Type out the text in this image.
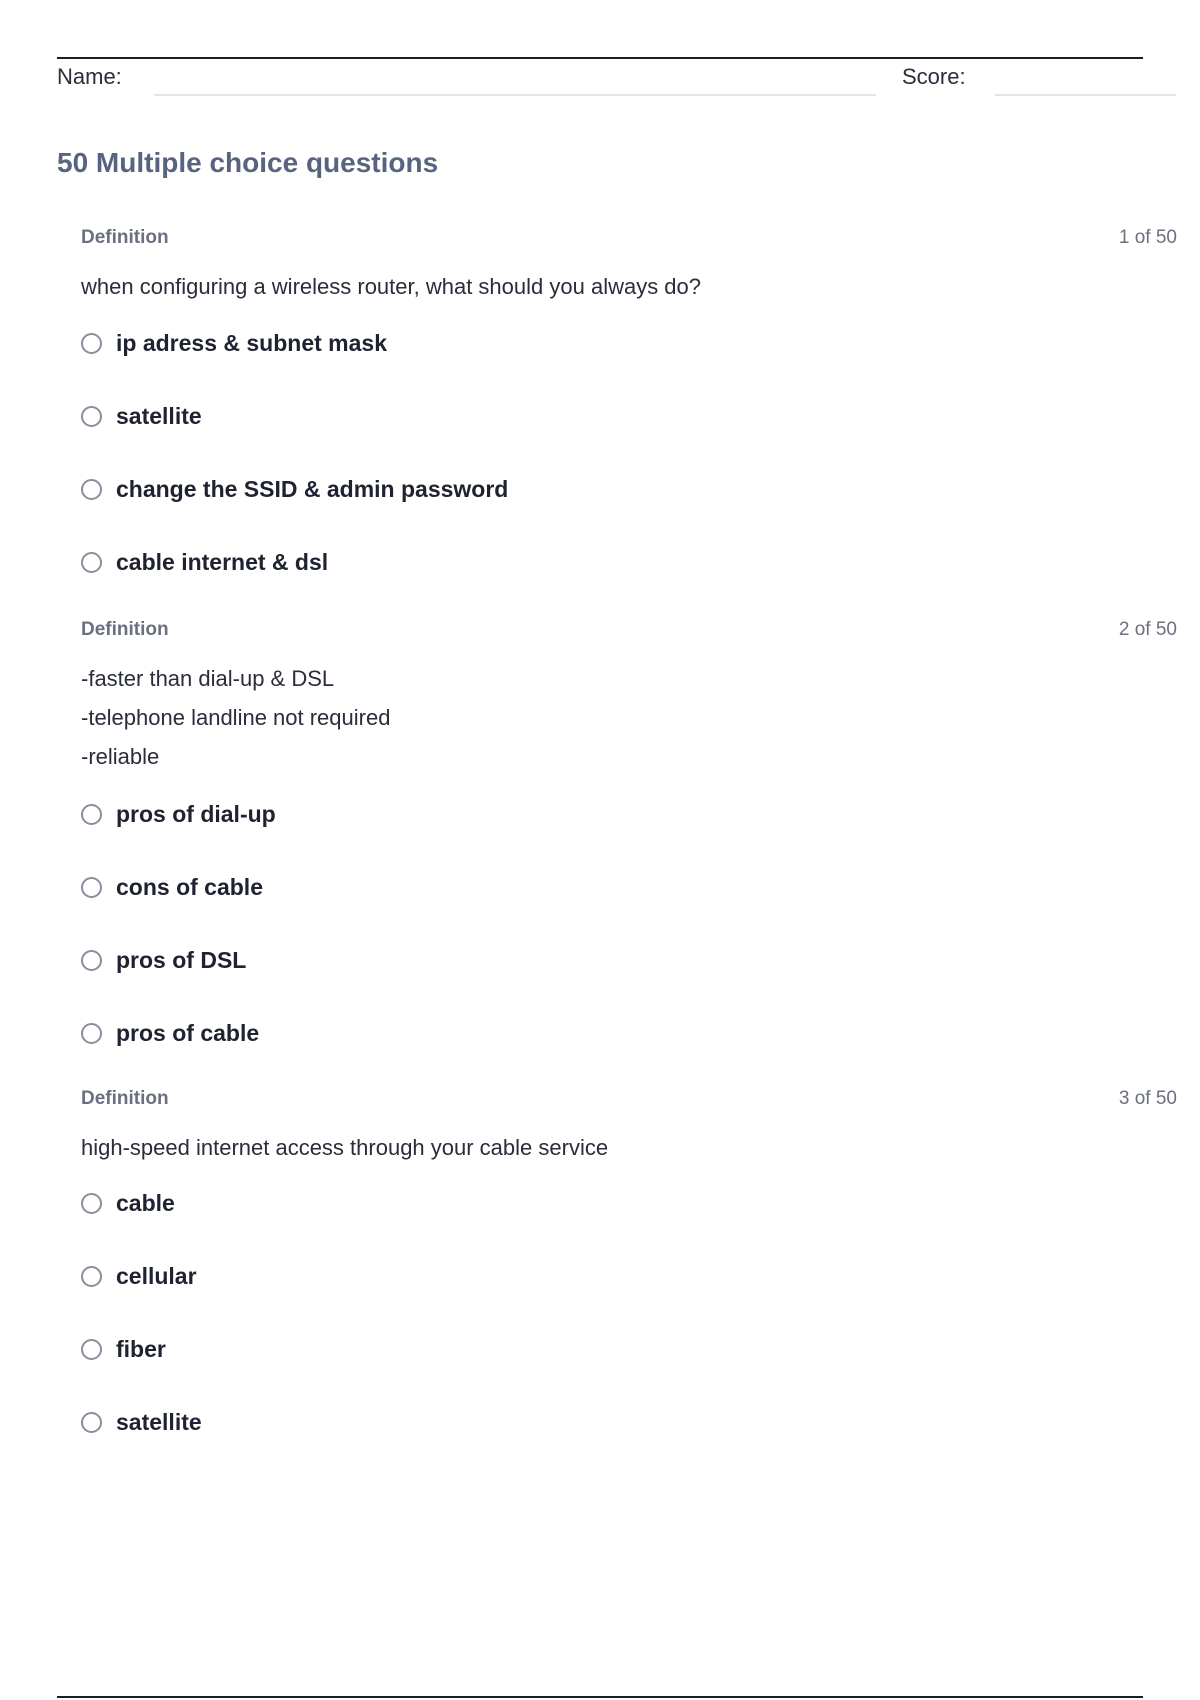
Name:	Score:
50 Multiple choice questions
Definition	1 of 50
when configuring a wireless router, what should you always do?
ip adress & subnet mask
satellite
change the SSID & admin password
cable internet & dsl
Definition	2 of 50
-faster than dial-up & DSL
-telephone landline not required
-reliable
pros of dial-up
cons of cable
pros of DSL
pros of cable
Definition	3 of 50
high-speed internet access through your cable service
cable
cellular
fiber
satellite
